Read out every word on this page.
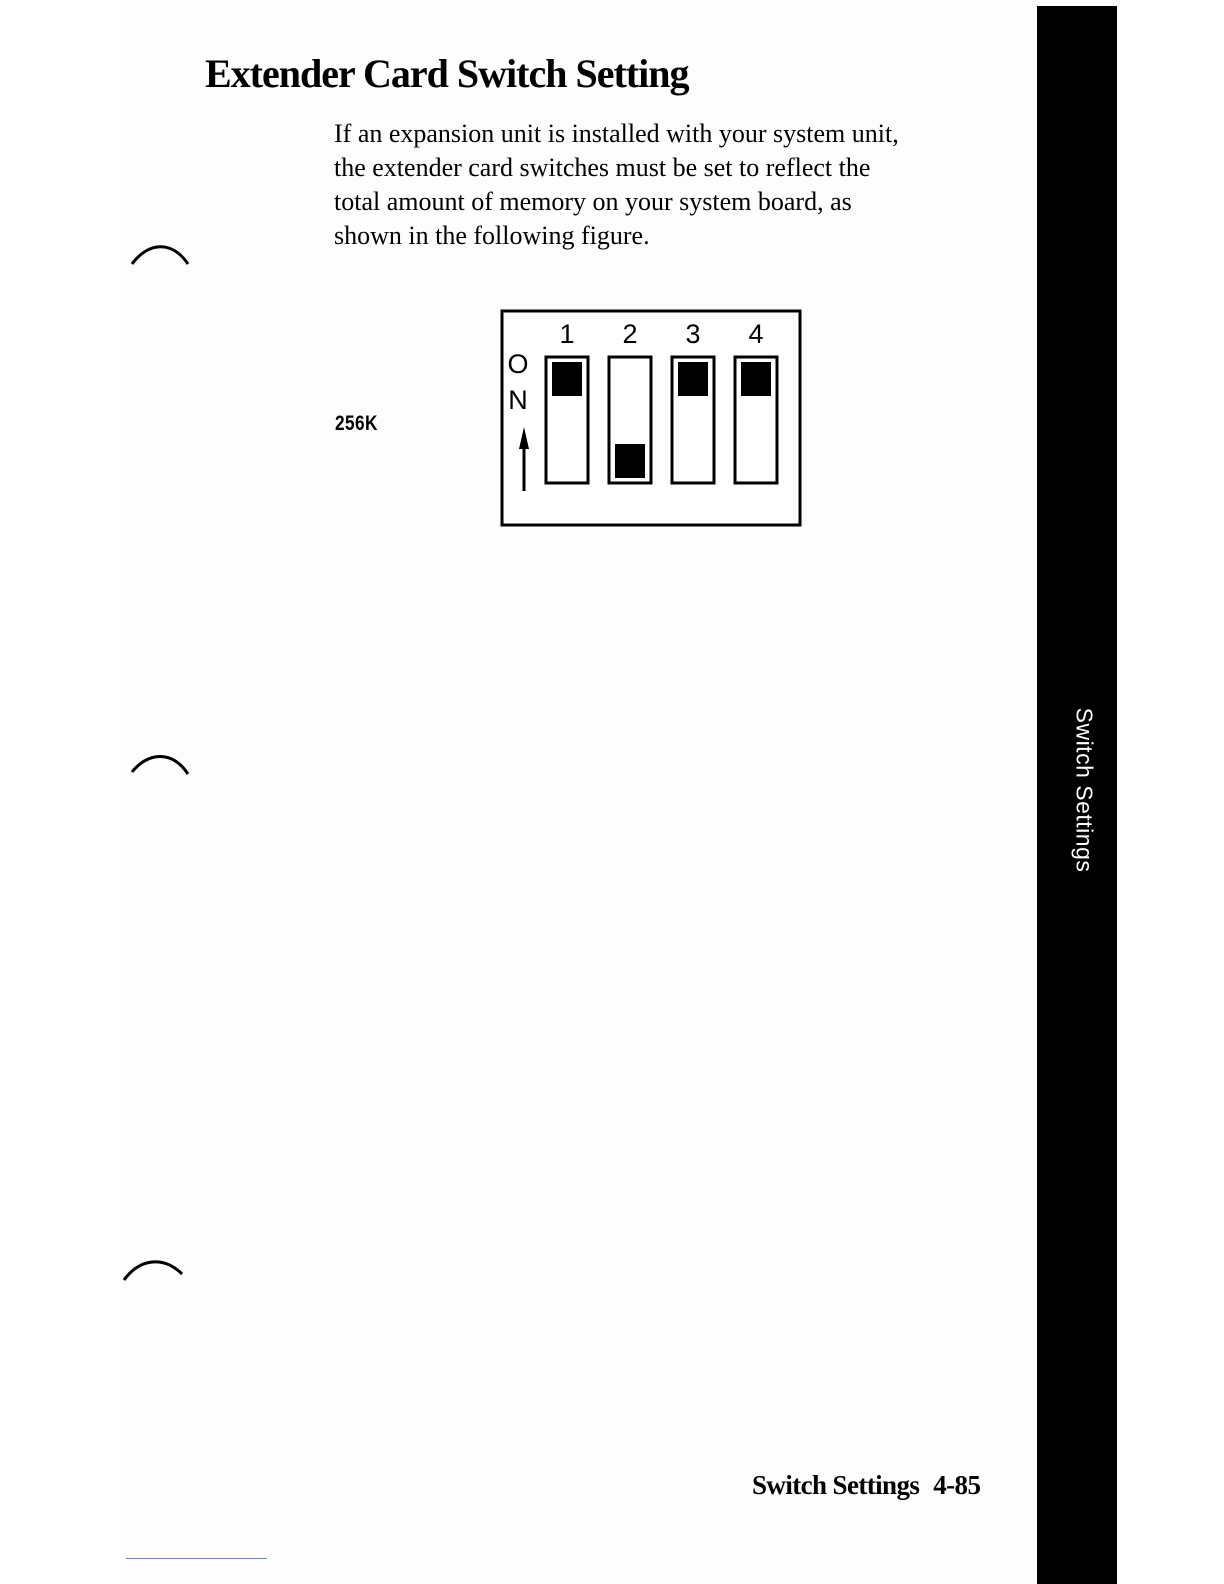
Extender Card Switch Setting

If an expansion unit is installed with your system unit,
the extender card switches must be set to reflect the
total amount of memory on your system board, as
shown in the following figure.

256K
O
N
1 2 3 4
Switch Settings
Switch Settings 4-85
